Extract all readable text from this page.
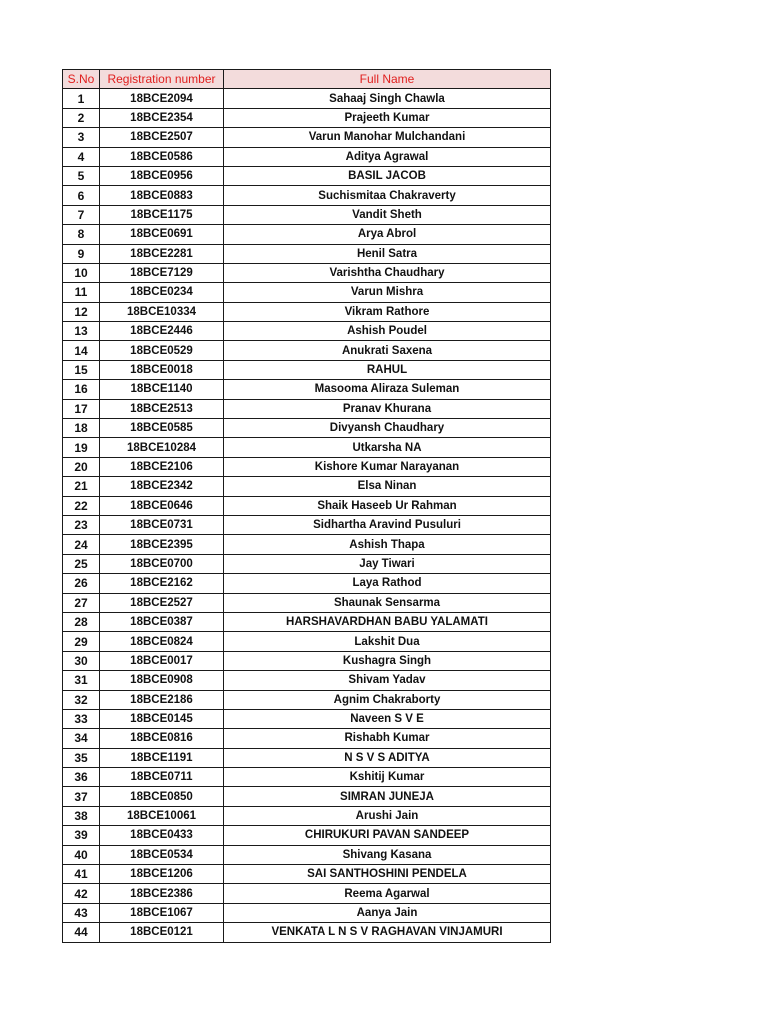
S.No	Registration number	Full Name
1	18BCE2094	Sahaaj Singh Chawla
2	18BCE2354	Prajeeth Kumar
3	18BCE2507	Varun Manohar Mulchandani
4	18BCE0586	Aditya Agrawal
5	18BCE0956	BASIL JACOB
6	18BCE0883	Suchismitaa Chakraverty
7	18BCE1175	Vandit Sheth
8	18BCE0691	Arya Abrol
9	18BCE2281	Henil Satra
10	18BCE7129	Varishtha Chaudhary
11	18BCE0234	Varun Mishra
12	18BCE10334	Vikram Rathore
13	18BCE2446	Ashish Poudel
14	18BCE0529	Anukrati Saxena
15	18BCE0018	RAHUL
16	18BCE1140	Masooma Aliraza Suleman
17	18BCE2513	Pranav Khurana
18	18BCE0585	Divyansh Chaudhary
19	18BCE10284	Utkarsha NA
20	18BCE2106	Kishore Kumar Narayanan
21	18BCE2342	Elsa Ninan
22	18BCE0646	Shaik Haseeb Ur Rahman
23	18BCE0731	Sidhartha Aravind Pusuluri
24	18BCE2395	Ashish Thapa
25	18BCE0700	Jay Tiwari
26	18BCE2162	Laya Rathod
27	18BCE2527	Shaunak Sensarma
28	18BCE0387	HARSHAVARDHAN BABU YALAMATI
29	18BCE0824	Lakshit Dua
30	18BCE0017	Kushagra Singh
31	18BCE0908	Shivam Yadav
32	18BCE2186	Agnim Chakraborty
33	18BCE0145	Naveen S V E
34	18BCE0816	Rishabh Kumar
35	18BCE1191	N S V S ADITYA
36	18BCE0711	Kshitij Kumar
37	18BCE0850	SIMRAN JUNEJA
38	18BCE10061	Arushi Jain
39	18BCE0433	CHIRUKURI PAVAN SANDEEP
40	18BCE0534	Shivang Kasana
41	18BCE1206	SAI SANTHOSHINI PENDELA
42	18BCE2386	Reema Agarwal
43	18BCE1067	Aanya Jain
44	18BCE0121	VENKATA L N S V RAGHAVAN VINJAMURI
